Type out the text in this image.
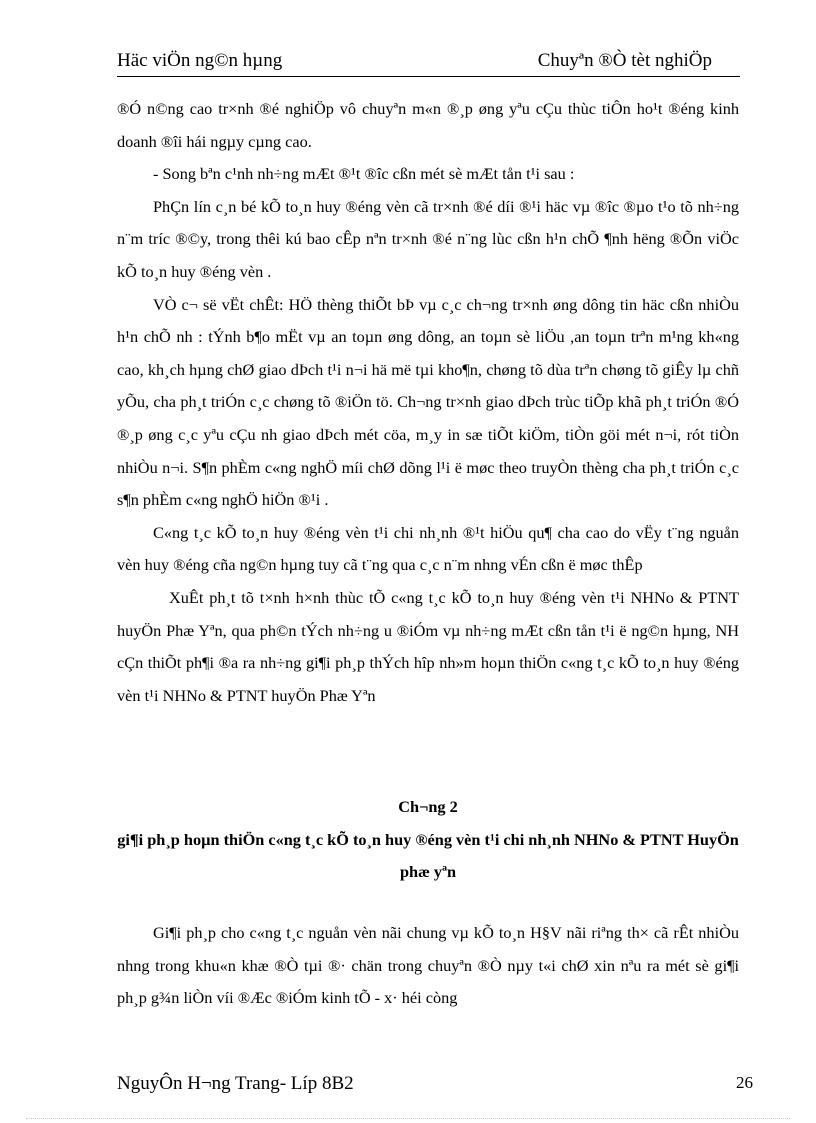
Häc viÖn ng©n hµng	Chuyªn ®Ò tèt nghiÖp

®Ó n©ng cao tr×nh ®é nghiÖp vô chuyªn m«n ®¸p øng yªu cÇu thùc tiÔn ho¹t ®éng kinh doanh ®îi hái ngµy cµng cao.

- Song bªn c¹nh nh÷ng mÆt ®¹t ®îc cßn mét sè mÆt tån t¹i sau :

PhÇn lín c¸n bé kÕ to¸n huy ®éng vèn cã tr×nh ®é díi ®¹i häc vµ ®îc ®µo t¹o tõ nh÷ng n¨m tríc ®©y, trong thêi kú bao cÊp nªn tr×nh ®é n¨ng lùc cßn h¹n chÕ ¶nh hëng ®Õn viÖc kÕ to¸n huy ®éng vèn .

VÒ c¬ së vËt chÊt: HÖ thèng thiÕt bÞ vµ c¸c ch¬ng tr×nh øng dông tin häc cßn nhiÒu h¹n chÕ nh : tÝnh b¶o mËt vµ an toµn øng dông, an toµn sè liÖu ,an toµn trªn m¹ng kh«ng cao, kh¸ch hµng chØ giao dÞch t¹i n¬i hä më tµi kho¶n, chøng tõ dùa trªn chøng tõ giÊy lµ chñ yÕu, cha ph¸t triÓn c¸c chøng tõ ®iÖn tö. Ch¬ng tr×nh giao dÞch trùc tiÕp khã ph¸t triÓn ®Ó ®¸p øng c¸c yªu cÇu nh giao dÞch mét cöa, m¸y in sæ tiÕt kiÖm, tiÒn göi mét n¬i, rót tiÒn nhiÒu n¬i. S¶n phÈm c«ng nghÖ míi chØ dõng l¹i ë møc theo truyÒn thèng cha ph¸t triÓn c¸c s¶n phÈm c«ng nghÖ hiÖn ®¹i .

C«ng t¸c kÕ to¸n huy ®éng vèn t¹i chi nh¸nh ®¹t hiÖu qu¶ cha cao do vËy t¨ng nguån vèn huy ®éng cña ng©n hµng tuy cã t¨ng qua c¸c n¨m nhng vÉn cßn ë møc thÊp

XuÊt ph¸t tõ t×nh h×nh thùc tÕ c«ng t¸c kÕ to¸n huy ®éng vèn t¹i NHNo & PTNT huyÖn Phæ Yªn, qua ph©n tÝch nh÷ng u ®iÓm vµ nh÷ng mÆt cßn tån t¹i ë ng©n hµng, NH cÇn thiÕt ph¶i ®a ra nh÷ng gi¶i ph¸p thÝch hîp nh»m hoµn thiÖn c«ng t¸c kÕ to¸n huy ®éng vèn t¹i NHNo & PTNT huyÖn Phæ Yªn

Ch¬ng 2
gi¶i ph¸p hoµn thiÖn c«ng t¸c kÕ to¸n huy ®éng vèn t¹i chi nh¸nh NHNo & PTNT HuyÖn phæ yªn

Gi¶i ph¸p cho c«ng t¸c nguån vèn nãi chung vµ kÕ to¸n H§V nãi riªng th× cã rÊt nhiÒu nhng trong khu«n khæ ®Ò tµi ®· chän trong chuyªn ®Ò nµy t«i chØ xin nªu ra mét sè gi¶i ph¸p g¾n liÒn víi ®Æc ®iÓm kinh tÕ - x· héi còng

NguyÔn H¬ng Trang- Líp 8B2	26
